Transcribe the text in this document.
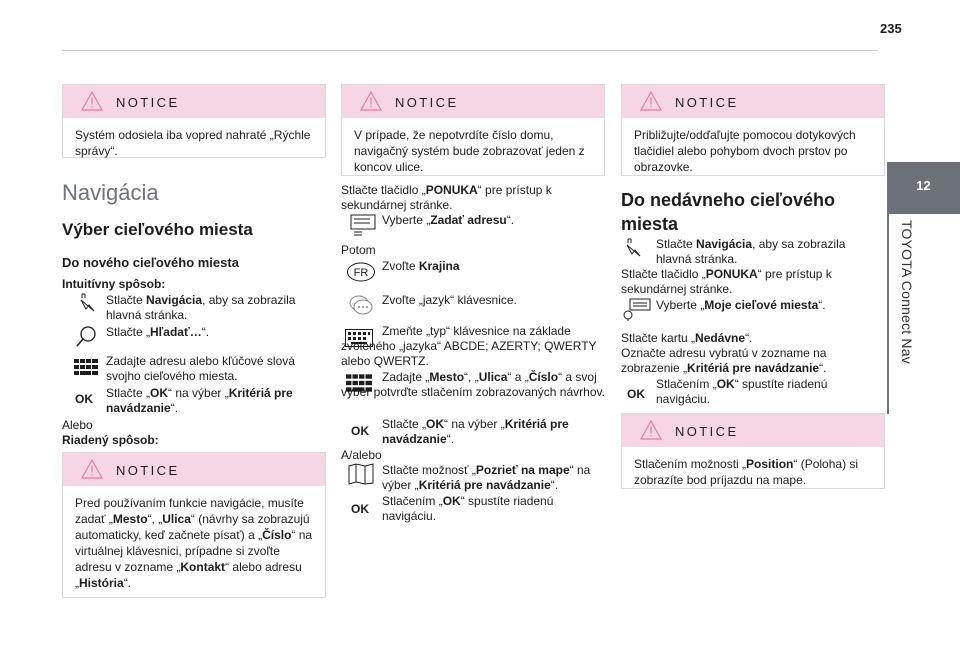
235
12
TOYOTA Connect Nav
NOTICE
Systém odosiela iba vopred nahraté „Rýchle správy“.
Navigácia
Výber cieľového miesta
Do nového cieľového miesta
Intuitívny spôsob:
Stlačte Navigácia, aby sa zobrazila hlavná stránka.
Stlačte „Hľadať…“.
Zadajte adresu alebo kľúčové slová svojho cieľového miesta.
OK Stlačte „OK“ na výber „Kritériá pre navádzanie“.
Alebo
Riadený spôsob:
NOTICE
Pred používaním funkcie navigácie, musíte zadať „Mesto“, „Ulica“ (návrhy sa zobrazujú automaticky, keď začnete písať) a „Číslo“ na virtuálnej klávesnici, prípadne si zvoľte adresu v zozname „Kontakt“ alebo adresu „História“.
NOTICE
V prípade, že nepotvrdíte číslo domu, navigačný systém bude zobrazovať jeden z koncov ulice.
Stlačte tlačidlo „PONUKA“ pre prístup k sekundárnej stránke.
Vyberte „Zadať adresu“.
Potom
FR Zvoľte Krajina
Zvoľte „jazyk“ klávesnice.
Zmeňte „typ“ klávesnice na základe zvoleného „jazyka“ ABCDE; AZERTY; QWERTY alebo QWERTZ.
Zadajte „Mesto“, „Ulica“ a „Číslo“ a svoj výber potvrďte stlačením zobrazovaných návrhov.
OK Stlačte „OK“ na výber „Kritériá pre navádzanie“.
A/alebo
Stlačte možnosť „Pozrieť na mape“ na výber „Kritériá pre navádzanie“.
OK
Stlačením „OK“ spustíte riadenú navigáciu.
NOTICE
Približujte/odďaľujte pomocou dotykových tlačidiel alebo pohybom dvoch prstov po obrazovke.
Do nedávneho cieľového miesta
Stlačte Navigácia, aby sa zobrazila hlavná stránka.
Stlačte tlačidlo „PONUKA“ pre prístup k sekundárnej stránke.
Vyberte „Moje cieľové miesta“.
Stlačte kartu „Nedávne“.
Označte adresu vybratú v zozname na zobrazenie „Kritériá pre navádzanie“.
OK
Stlačením „OK“ spustíte riadenú navigáciu.
NOTICE
Stlačením možnosti „Position“ (Poloha) si zobrazíte bod príjazdu na mape.
